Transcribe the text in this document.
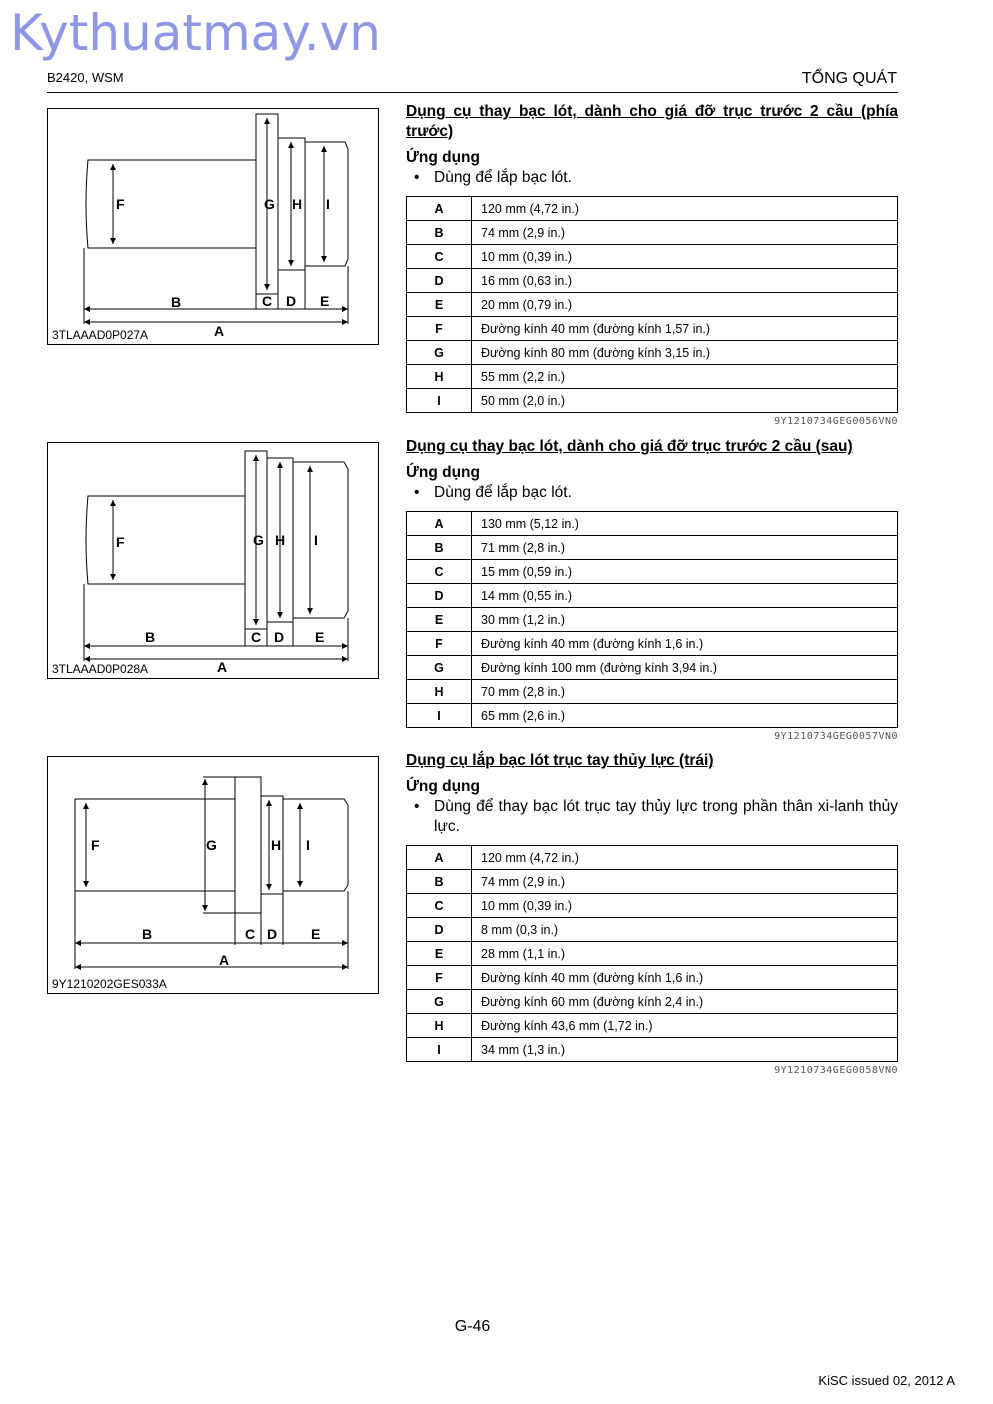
Kythuatmay.vn
B2420, WSM	TỔNG QUÁT
F	G H I
B	C D E
A
3TLAAAD0P027A
Dụng cụ thay bạc lót, dành cho giá đỡ trục trước 2 cầu (phía trước)
Ứng dụng
• Dùng để lắp bạc lót.
A	120 mm (4,72 in.)
B	74 mm (2,9 in.)
C	10 mm (0,39 in.)
D	16 mm (0,63 in.)
E	20 mm (0,79 in.)
F	Đường kính 40 mm (đường kính 1,57 in.)
G	Đường kính 80 mm (đường kính 3,15 in.)
H	55 mm (2,2 in.)
I	50 mm (2,0 in.)
9Y1210734GEG0056VN0
F	G H I
B	C D E
A
3TLAAAD0P028A
Dụng cụ thay bạc lót, dành cho giá đỡ trục trước 2 cầu (sau)
Ứng dụng
• Dùng để lắp bạc lót.
A	130 mm (5,12 in.)
B	71 mm (2,8 in.)
C	15 mm (0,59 in.)
D	14 mm (0,55 in.)
E	30 mm (1,2 in.)
F	Đường kính 40 mm (đường kính 1,6 in.)
G	Đường kính 100 mm (đường kính 3,94 in.)
H	70 mm (2,8 in.)
I	65 mm (2,6 in.)
9Y1210734GEG0057VN0
F	G	H I
B	C D E
A
9Y1210202GES033A
Dụng cụ lắp bạc lót trục tay thủy lực (trái)
Ứng dụng
• Dùng để thay bạc lót trục tay thủy lực trong phần thân xi-lanh thủy lực.
A	120 mm (4,72 in.)
B	74 mm (2,9 in.)
C	10 mm (0,39 in.)
D	8 mm (0,3 in.)
E	28 mm (1,1 in.)
F	Đường kính 40 mm (đường kính 1,6 in.)
G	Đường kính 60 mm (đường kính 2,4 in.)
H	Đường kính 43,6 mm (1,72 in.)
I	34 mm (1,3 in.)
9Y1210734GEG0058VN0
G-46
KiSC issued 02, 2012 A
